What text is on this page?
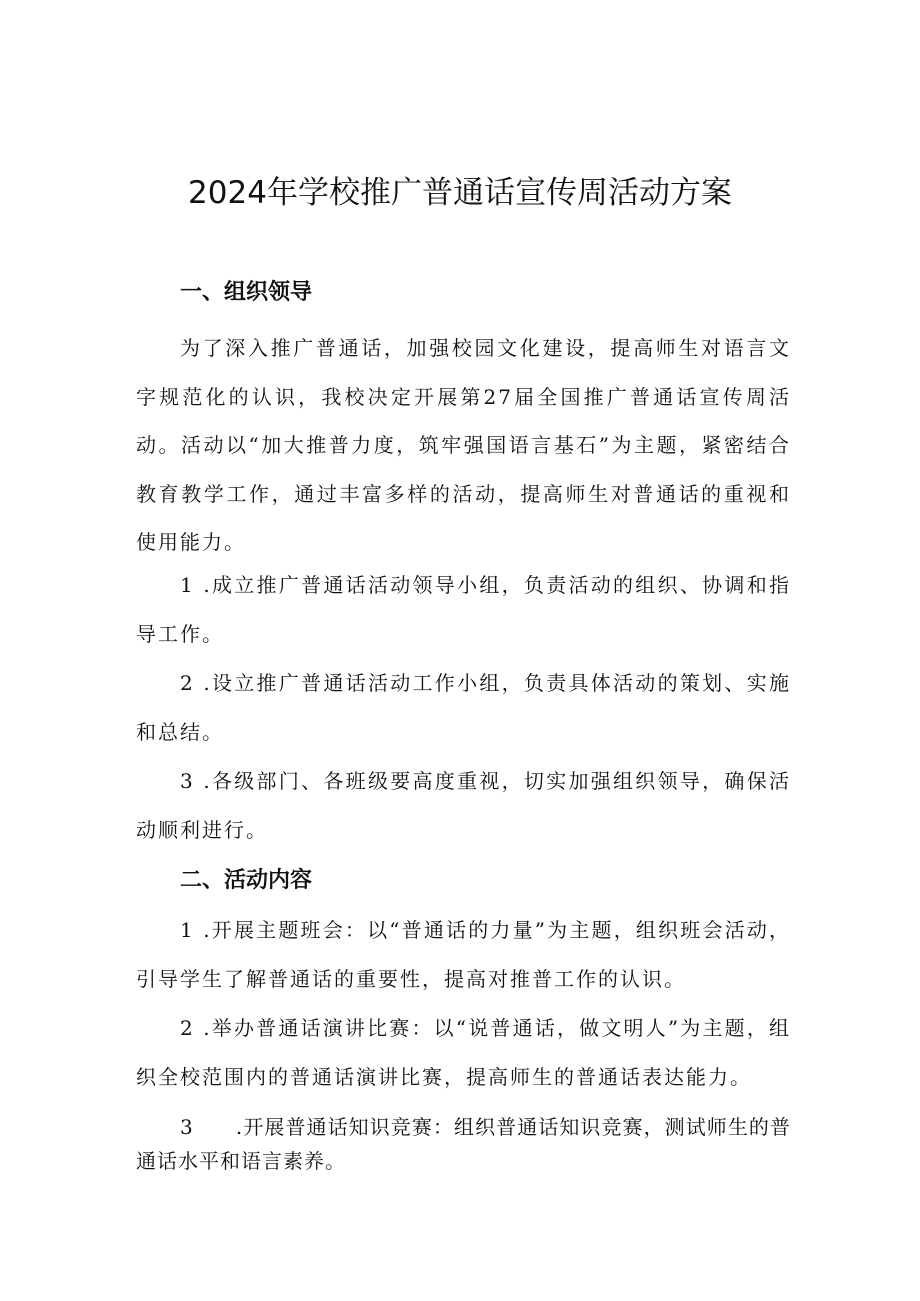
2024年学校推广普通话宣传周活动方案
一、组织领导

为了深入推广普通话，加强校园文化建设，提高师生对语言文字规范化的认识，我校决定开展第27届全国推广普通话宣传周活动。活动以“加大推普力度，筑牢强国语言基石”为主题，紧密结合教育教学工作，通过丰富多样的活动，提高师生对普通话的重视和使用能力。

1 .成立推广普通话活动领导小组，负责活动的组织、协调和指导工作。

2 .设立推广普通话活动工作小组，负责具体活动的策划、实施和总结。

3 .各级部门、各班级要高度重视，切实加强组织领导，确保活动顺利进行。

二、活动内容

1 .开展主题班会：以“普通话的力量”为主题，组织班会活动，引导学生了解普通话的重要性，提高对推普工作的认识。

2 .举办普通话演讲比赛：以“说普通话，做文明人”为主题，组织全校范围内的普通话演讲比赛，提高师生的普通话表达能力。

3　　.开展普通话知识竞赛：组织普通话知识竞赛，测试师生的普通话水平和语言素养。
